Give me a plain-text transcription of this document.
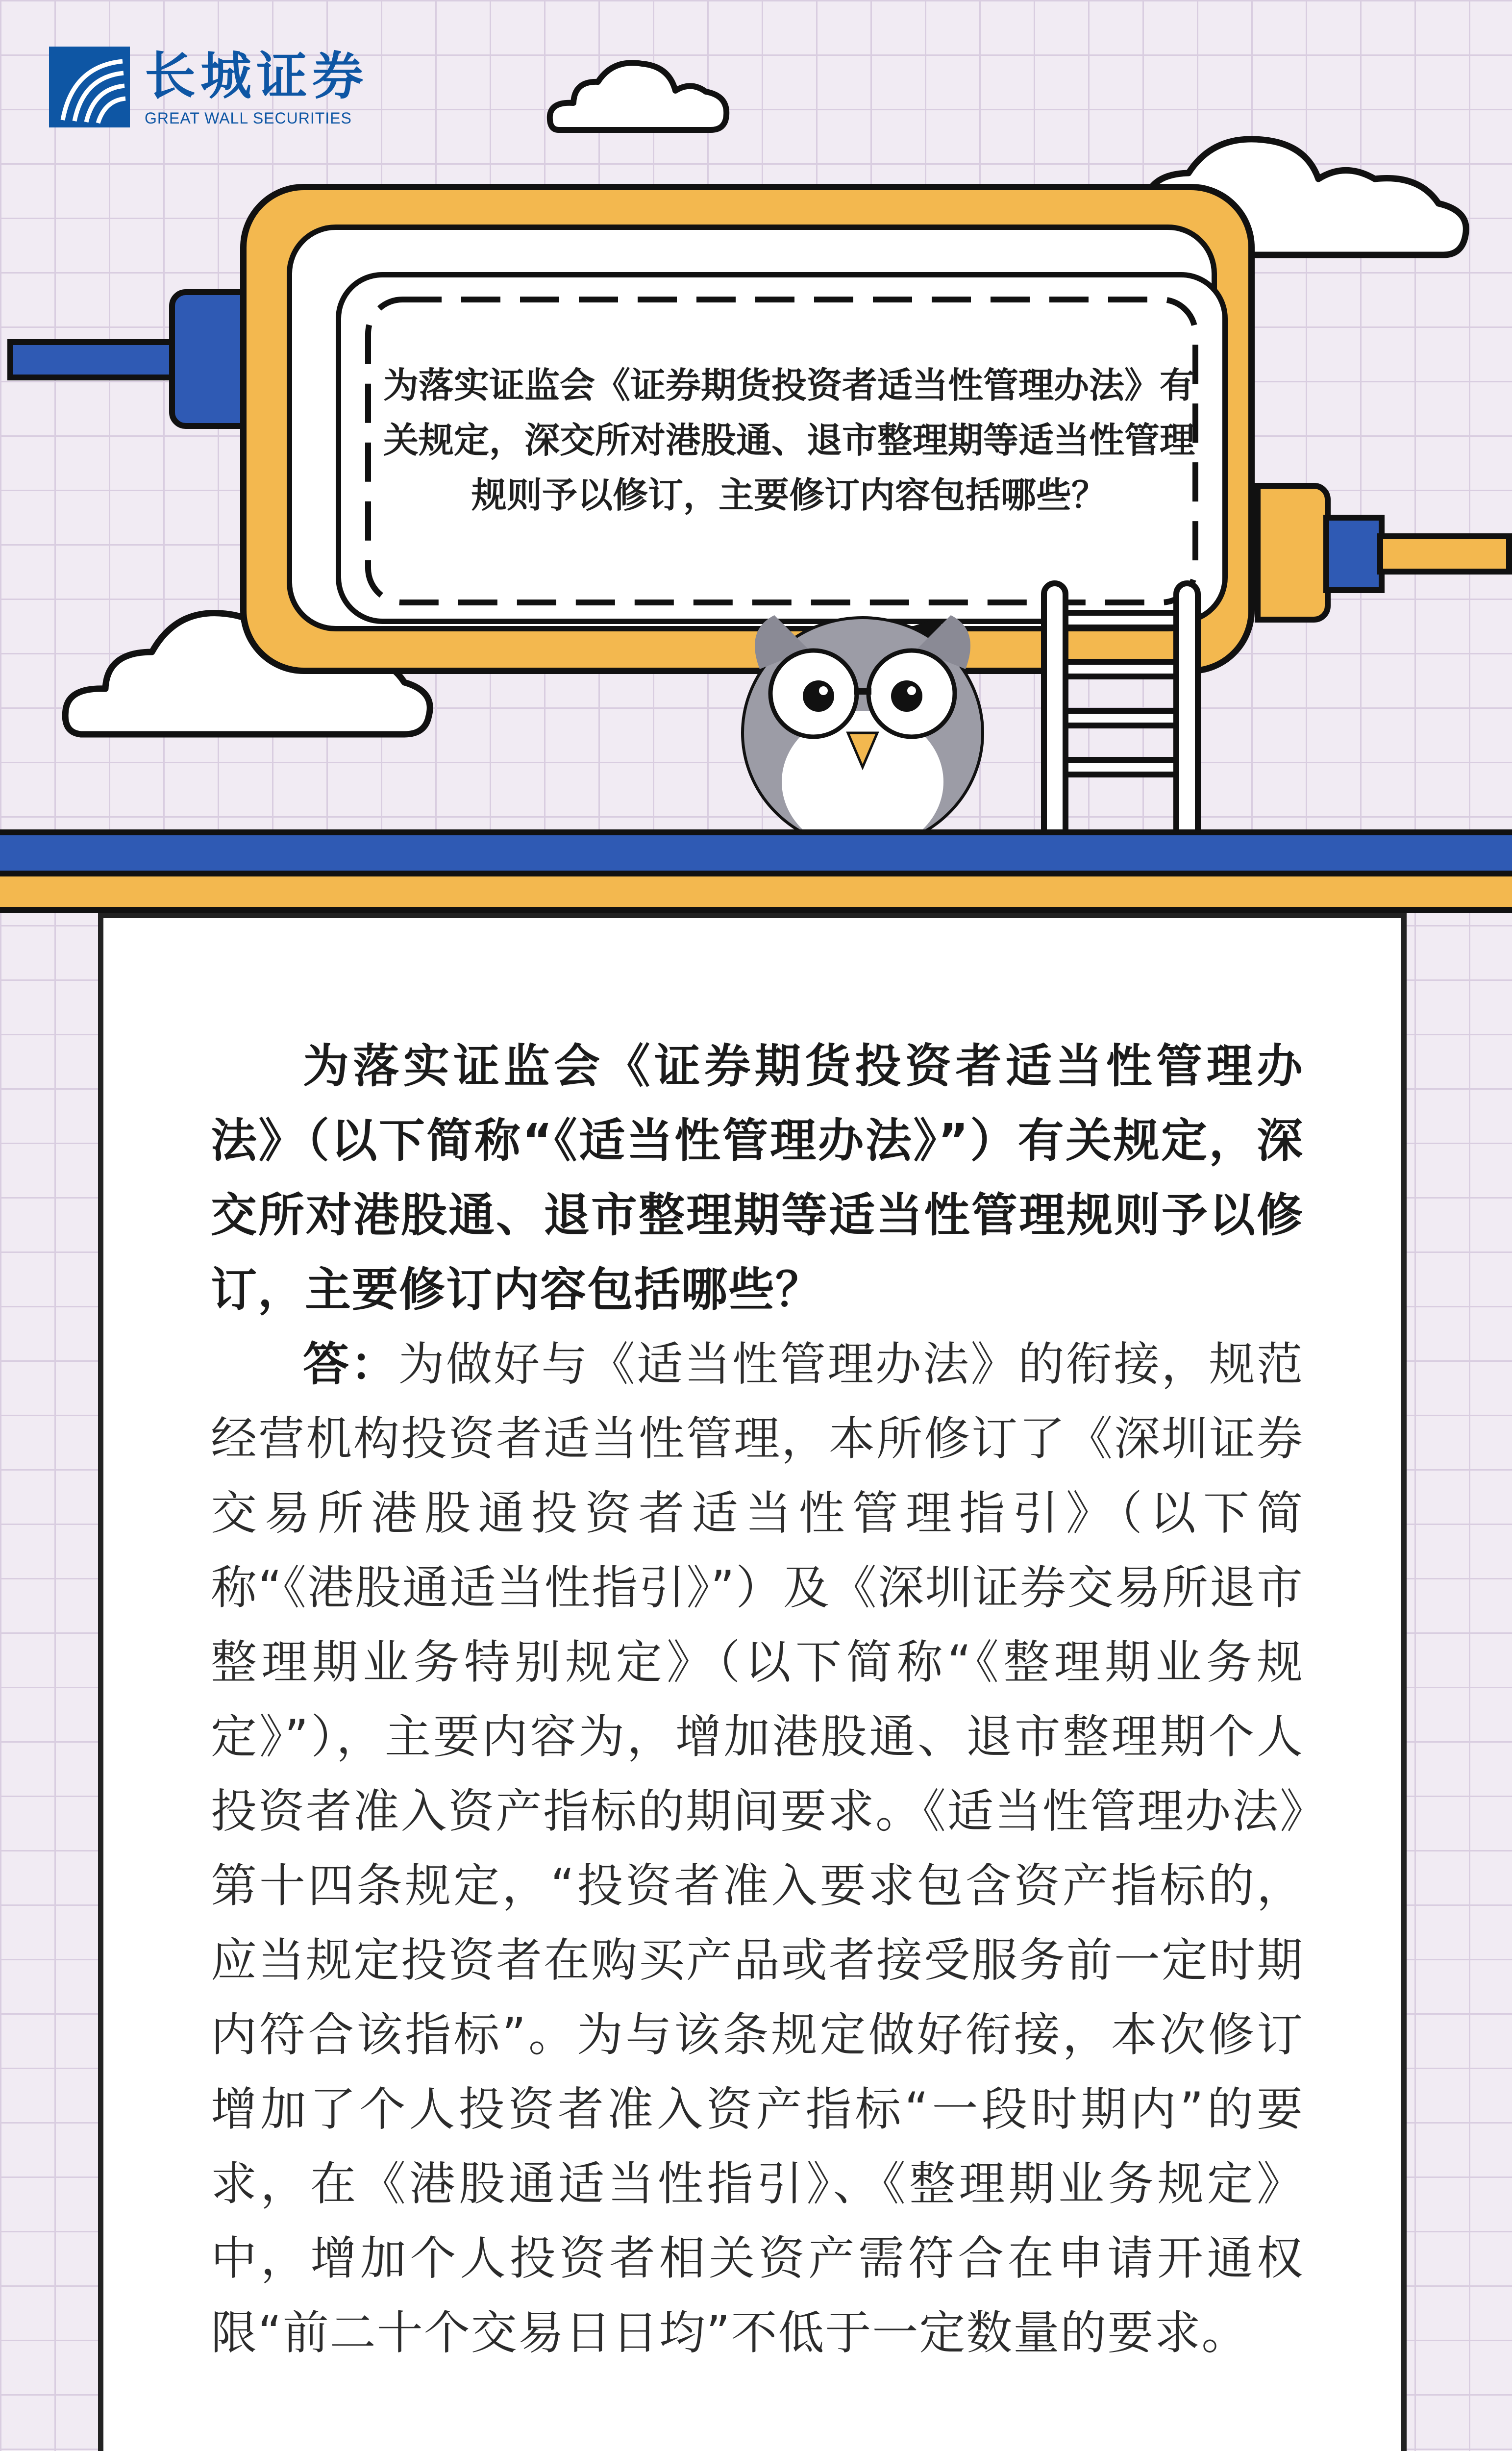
长城证券
GREAT WALL SECURITIES
为落实证监会《证券期货投资者适当性管理办法》有关规定，深交所对港股通、退市整理期等适当性管理规则予以修订，主要修订内容包括哪些？

为落实证监会《证券期货投资者适当性管理办法》（以下简称“《适当性管理办法》”）有关规定，深交所对港股通、退市整理期等适当性管理规则予以修订，主要修订内容包括哪些？

答：为做好与《适当性管理办法》的衔接，规范经营机构投资者适当性管理，本所修订了《深圳证券交易所港股通投资者适当性管理指引》（以下简称“《港股通适当性指引》”）及《深圳证券交易所退市整理期业务特别规定》（以下简称“《整理期业务规定》”），主要内容为，增加港股通、退市整理期个人投资者准入资产指标的期间要求。《适当性管理办法》第十四条规定，“投资者准入要求包含资产指标的，应当规定投资者在购买产品或者接受服务前一定时期内符合该指标”。为与该条规定做好衔接，本次修订增加了个人投资者准入资产指标“一段时期内”的要求，在《港股通适当性指引》、《整理期业务规定》中，增加个人投资者相关资产需符合在申请开通权限“前二十个交易日日均”不低于一定数量的要求。
